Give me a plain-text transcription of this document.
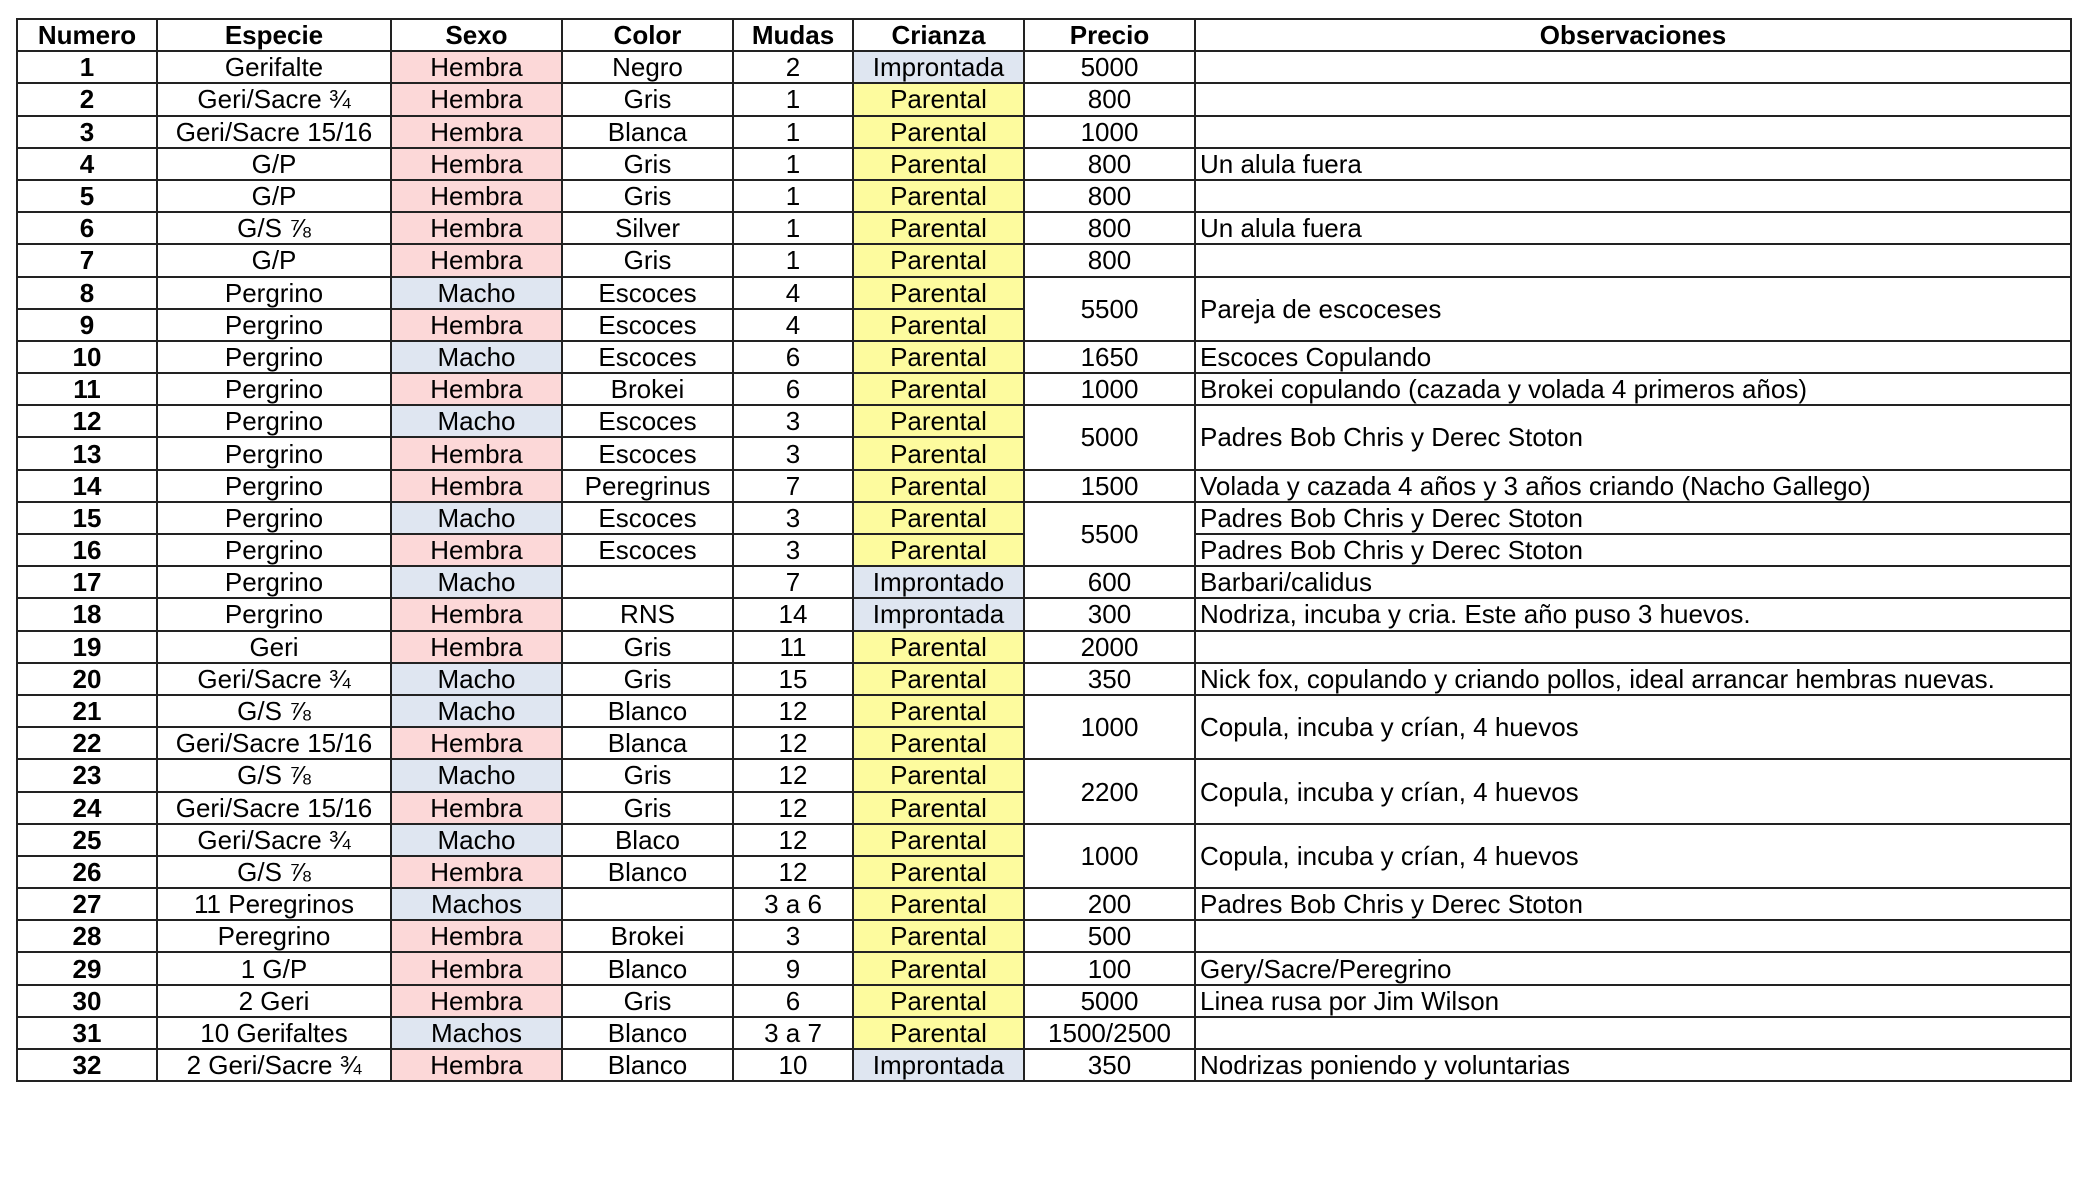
Numero	Especie	Sexo	Color	Mudas	Crianza	Precio	Observaciones
1	Gerifalte	Hembra	Negro	2	Improntada	5000	
2	Geri/Sacre ¾	Hembra	Gris	1	Parental	800	
3	Geri/Sacre 15/16	Hembra	Blanca	1	Parental	1000	
4	G/P	Hembra	Gris	1	Parental	800	Un alula fuera
5	G/P	Hembra	Gris	1	Parental	800	
6	G/S ⅞	Hembra	Silver	1	Parental	800	Un alula fuera
7	G/P	Hembra	Gris	1	Parental	800	
8	Pergrino	Macho	Escoces	4	Parental	5500	Pareja de escoceses
9	Pergrino	Hembra	Escoces	4	Parental		
10	Pergrino	Macho	Escoces	6	Parental	1650	Escoces Copulando
11	Pergrino	Hembra	Brokei	6	Parental	1000	Brokei copulando (cazada y volada 4 primeros años)
12	Pergrino	Macho	Escoces	3	Parental	5000	Padres Bob Chris y Derec Stoton
13	Pergrino	Hembra	Escoces	3	Parental		
14	Pergrino	Hembra	Peregrinus	7	Parental	1500	Volada y cazada 4 años y 3 años criando (Nacho Gallego)
15	Pergrino	Macho	Escoces	3	Parental	5500	Padres Bob Chris y Derec Stoton
16	Pergrino	Hembra	Escoces	3	Parental		Padres Bob Chris y Derec Stoton
17	Pergrino	Macho		7	Improntado	600	Barbari/calidus
18	Pergrino	Hembra	RNS	14	Improntada	300	Nodriza, incuba y cria. Este año puso 3 huevos.
19	Geri	Hembra	Gris	11	Parental	2000	
20	Geri/Sacre ¾	Macho	Gris	15	Parental	350	Nick fox, copulando y criando pollos, ideal arrancar hembras nuevas.
21	G/S ⅞	Macho	Blanco	12	Parental	1000	Copula, incuba y crían, 4 huevos
22	Geri/Sacre 15/16	Hembra	Blanca	12	Parental		
23	G/S ⅞	Macho	Gris	12	Parental	2200	Copula, incuba y crían, 4 huevos
24	Geri/Sacre 15/16	Hembra	Gris	12	Parental		
25	Geri/Sacre ¾	Macho	Blaco	12	Parental	1000	Copula, incuba y crían, 4 huevos
26	G/S ⅞	Hembra	Blanco	12	Parental		
27	11 Peregrinos	Machos		3 a 6	Parental	200	Padres Bob Chris y Derec Stoton
28	Peregrino	Hembra	Brokei	3	Parental	500	
29	1 G/P	Hembra	Blanco	9	Parental	100	Gery/Sacre/Peregrino
30	2 Geri	Hembra	Gris	6	Parental	5000	Linea rusa por Jim Wilson
31	10 Gerifaltes	Machos	Blanco	3 a 7	Parental	1500/2500	
32	2 Geri/Sacre ¾	Hembra	Blanco	10	Improntada	350	Nodrizas poniendo y voluntarias
